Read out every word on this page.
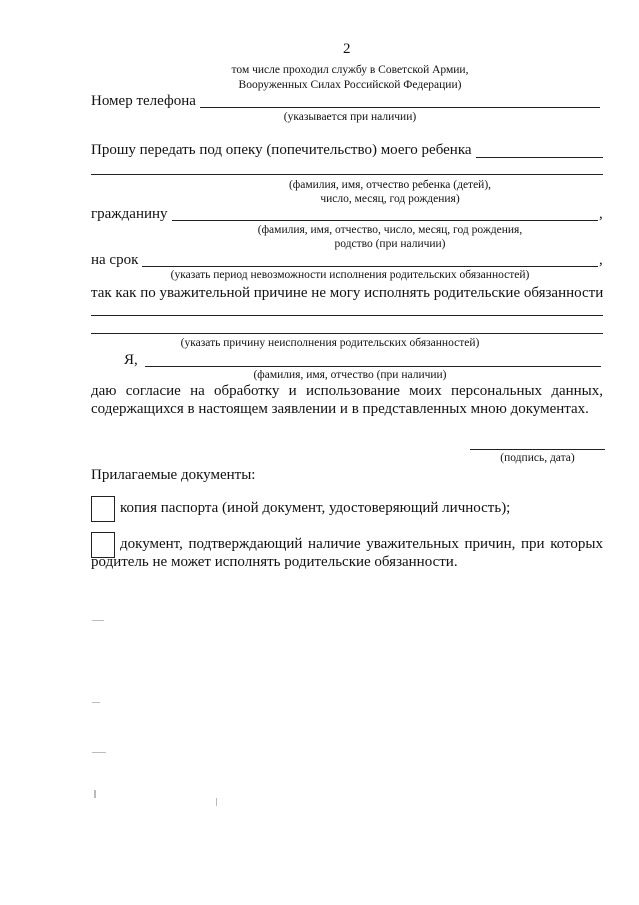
2
том числе проходил службу в Советской Армии,
Вооруженных Силах Российской Федерации)
Номер телефона
(указывается при наличии)
Прошу передать под опеку (попечительство) моего ребенка
(фамилия, имя, отчество ребенка (детей),
число, месяц, год рождения)
гражданину	,
(фамилия, имя, отчество, число, месяц, год рождения,
родство (при наличии)
на срок	,
(указать период невозможности исполнения родительских обязанностей)
так как по уважительной причине не могу исполнять родительские обязанности
(указать причину неисполнения родительских обязанностей)
Я,
(фамилия, имя, отчество (при наличии)
даю согласие на обработку и использование моих персональных данных,
содержащихся в настоящем заявлении и в представленных мною документах.
(подпись, дата)
Прилагаемые документы:
копия паспорта (иной документ, удостоверяющий личность);
документ, подтверждающий наличие уважительных причин, при которых
родитель не может исполнять родительские обязанности.
